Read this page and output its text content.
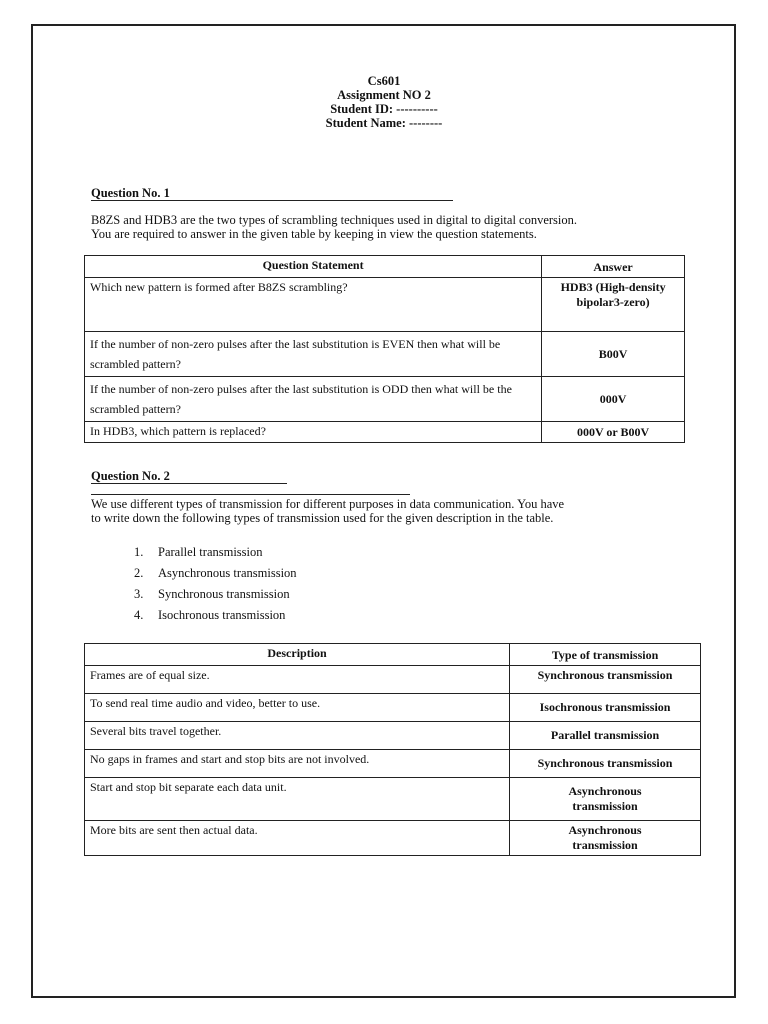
Cs601
Assignment NO 2
Student ID: ----------
Student Name: --------
Question No. 1
B8ZS and HDB3 are the two types of scrambling techniques used in digital to digital conversion.
You are required to answer in the given table by keeping in view the question statements.
Question Statement	Answer
Which new pattern is formed after B8ZS scrambling?	HDB3 (High-density bipolar3-zero)
If the number of non-zero pulses after the last substitution is EVEN then what will be scrambled pattern?	B00V
If the number of non-zero pulses after the last substitution is ODD then what will be the scrambled pattern?	000V
In HDB3, which pattern is replaced?	000V or B00V
Question No. 2
We use different types of transmission for different purposes in data communication. You have
to write down the following types of transmission used for the given description in the table.
1. Parallel transmission
2. Asynchronous transmission
3. Synchronous transmission
4. Isochronous transmission
Description	Type of transmission
Frames are of equal size.	Synchronous transmission
To send real time audio and video, better to use.	Isochronous transmission
Several bits travel together.	Parallel transmission
No gaps in frames and start and stop bits are not involved.	Synchronous transmission
Start and stop bit separate each data unit.	Asynchronous transmission
More bits are sent then actual data.	Asynchronous transmission
